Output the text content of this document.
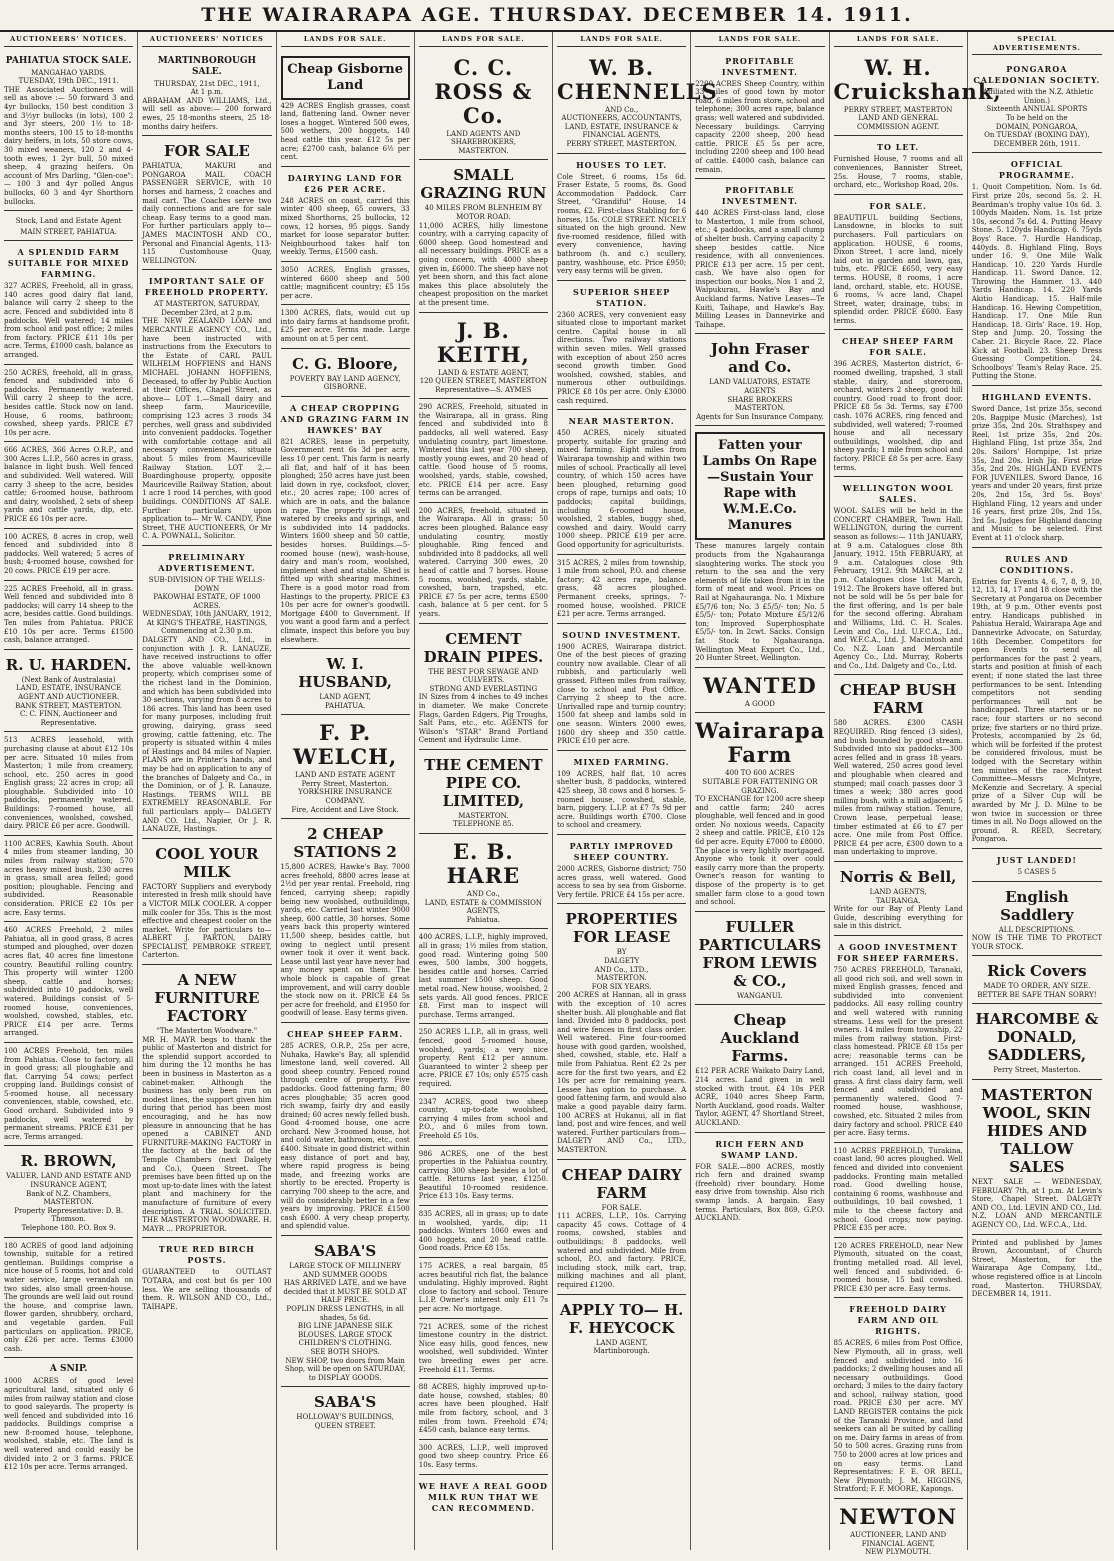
THE WAIRARAPA AGE. THURSDAY. DECEMBER 14. 1911.
AUCTIONEERS' NOTICES.
PAHIATUA STOCK SALE.
MANGAHAO YARDS.
TUESDAY, 19th DEC., 1911.
THE Associated Auctioneers will sell as above :— 50 forward 3 and 4yr bullocks, 150 best condition 3 and 3½yr bullocks (in lots), 100 2 and 3yr steers, 200 1½ to 18-months steers, 100 15 to 18-months dairy heifers, in lots, 50 store cows, 30 mixed weaners, 120 2 and 4-tooth ewes, 1 2yr bull, 50 mixed sheep, 4 grazing heifers. On account of Mrs Darling, "Glen-coe":— 100 3 and 4yr polled Angus bullocks, 60 3 and 4yr Shorthorn bullocks.
Stock, Land and Estate Agent
MAIN STREET, PAHIATUA.
A SPLENDID FARM SUITABLE FOR MIXED FARMING.
327 ACRES, Freehold, all in grass, 140 acres good dairy flat land, balance will carry 2 sheep to the acre. Fenced and subdivided into 8 paddocks. Well watered; 14 miles from school and post office; 2 miles from factory. PRICE £11 10s per acre. Terms, £1000 cash, balance as arranged.
250 ACRES, freehold, all in grass, fenced and subdivided into 6 paddocks. Permanently watered. Will carry 2 sheep to the acre, besides cattle. Stock now on land. House, 6 rooms, bathroom; cowshed, sheep yards. PRICE £7 10s per acre.
666 ACRES, 366 Acres O.R.P., and 300 Acres L.I.P., 560 acres in grass, balance in light bush. Well fenced and subdivided. Well watered. Will carry 3 sheep to the acre, besides cattle; 6-roomed house, bathroom and dairy, woolshed, 2 sets of sheep yards and cattle yards, dip, etc. PRICE £6 10s per acre.
100 ACRES, 8 acres in crop, well fenced and subdivided into 8 paddocks. Well watered; 5 acres of bush; 4-roomed house, cowshed for 20 cows. PRICE £19 per acre.
225 ACRES Freehold, all in grass. Well fenced and subdivided into 8 paddocks; will carry 14 sheep to the acre, besides cattle. Good buildings. Ten miles from Pahiatua. PRICE £10 10s per acre. Terms £1500 cash, balance arranged.
R. U. HARDEN.
(Next Bank of Australasia)
LAND, ESTATE, INSURANCE AGENT AND AUCTIONEER.
BANK STREET, MASTERTON.
C. C. FINN, Auctioneer and Representative.
513 ACRES leasehold, with purchasing clause at about £12 10s per acre. Situated 10 miles from Masterton; 1 mile from creamery, school, etc. 250 acres in good English grass; 22 acres in crop; all ploughable. Subdivided into 10 paddocks, permanently watered. Buildings: 7-roomed house, all conveniences, woolshed, cowshed, dairy. PRICE £6 per acre. Goodwill.
1100 ACRES, Kawhia South. About 4 miles from steamer landing, 30 miles from railway station; 570 acres heavy mixed bush, 230 acres in grass, small area felled; good position; ploughable. Fencing and subdivided. Reasonable consideration. PRICE £2 10s per acre. Easy terms.
460 ACRES Freehold, 2 miles Pahiatua, all in good grass, 8 acres stumped and ploughed, over dozen acres flat, 40 acres fine limestone country. Beautiful rolling country. This property will winter 1200 sheep, cattle and horses; subdivided into 10 paddocks, well watered. Buildings consist of 5-roomed house, conveniences, woolshed, cowshed, stables, etc. PRICE £14 per acre. Terms arranged.
100 ACRES Freehold, ten miles from Pahiatua. Close to factory, all in good grass; all ploughable and flat. Carrying 54 cows; perfect cropping land. Buildings consist of 5-roomed house, all necessary conveniences, stable, cowshed, etc. Good orchard. Subdivided into 9 paddocks, well watered by permanent streams. PRICE £31 per acre. Terms arranged.
R. BROWN,
VALUER, LAND AND ESTATE AND INSURANCE AGENT,
Bank of N.Z. Chambers, MASTERTON.
Property Representative: D. B. Thomson.
Telephone 180. P.O. Box 9.
180 ACRES of good land adjoining township, suitable for a retired gentleman. Buildings comprise a nice house of 5 rooms, hot and cold water service, large verandah on two sides, also small green-house. The grounds are well laid out round the house, and comprise lawn, flower garden, shrubbery, orchard, and vegetable garden. Full particulars on application. PRICE, only £26 per acre. Terms £3000 cash.
A SNIP.
1000 ACRES of good level agricultural land, situated only 6 miles from railway station and close to good saleyards. The property is well fenced and subdivided into 16 paddocks. Buildings comprise a new 8-roomed house, telephone, woolshed, stable, etc. The land is well watered and could easily be divided into 2 or 3 farms. PRICE £12 10s per acre. Terms arranged.
AUCTIONEERS' NOTICES
MARTINBOROUGH SALE.
THURSDAY, 21st DEC., 1911,
At 1 p.m.
ABRAHAM AND WILLIAMS, Ltd., will sell as above:— 200 forward ewes, 25 18-months steers, 25 18-months dairy heifers.
FOR SALE
PAHIATUA, MAKURI and PONGAROA MAIL COACH PASSENGER SERVICE, with 10 horses and harness, 2 coaches and mail cart. The Coaches serve two daily connections and are for sale cheap. Easy terms to a good man. For further particulars apply to— JAMES MACINTOSH AND CO., Personal and Financial Agents, 113-115 Customhouse Quay, WELLINGTON.
IMPORTANT SALE OF FREEHOLD PROPERTY.
AT MASTERTON, SATURDAY, December 23rd, at 2 p.m.
THE NEW ZEALAND LOAN and MERCANTILE AGENCY CO., Ltd., have been instructed with instructions from the Executors to the Estate of CARL PAUL WILHELM HOFFIENS and HANS MICHAEL JOHANN HOFFIENS, Deceased, to offer by Public Auction at their Offices, Chapel Street, as above— LOT 1.—Small dairy and sheep farm, Mauriceville, comprising 123 acres 3 roods 34 perches, well grass and subdivided into convenient paddocks. Together with comfortable cottage and all necessary conveniences, situate about 5 miles from Mauriceville Railway Station. LOT 2.—Boardinghouse property, opposite Mauriceville Railway Station, about 1 acre 1 rood 14 perches, with good buildings. CONDITIONS AT SALE. Further particulars upon application to— Mr W. CANDY, Pine Street, THE AUCTIONEERS, Or Mr C. A. POWNALL, Solicitor.
PRELIMINARY ADVERTISEMENT.
SUB-DIVISION OF THE WELLS-DOWN
PAKOWHAI ESTATE, OF 1000 ACRES.
WEDNESDAY, 10th JANUARY, 1912,
At KING'S THEATRE, HASTINGS,
Commencing at 2.30 p.m.
DALGETY AND CO., Ltd., in conjunction with J. R. LANAUZE, have received instructions to offer the above valuable well-known property, which comprises some of the richest land in the Dominion, and which has been subdivided into 30 sections, varying from 8 acres to 186 acres. This land has been used for many purposes, including fruit growing, dairying, grass seed growing, cattle fattening, etc. The property is situated within 4 miles of Hastings and 84 miles of Napier. PLANS are in Printer's hands, and may be had on application to any of the branches of Dalgety and Co., in the Dominion, or of J. R. Lanauze, Hastings. TERMS WILL BE EXTREMELY REASONABLE. For full particulars apply— DALGETY AND CO. Ltd., Napier, Or J. R. LANAUZE, Hastings.
COOL YOUR MILK
FACTORY Suppliers and everybody interested in fresh milk should have a VICTOR MILK COOLER. A copper milk cooler for 35s. This is the most effective and cheapest cooler on the market. Write for particulars to— ALBERT J. PARTON, DAIRY SPECIALIST, PEMBROKE STREET, Carterton.
A NEW FURNITURE FACTORY
"The Masterton Woodware."
MR H. MAYR begs to thank the public of Masterton and district for the splendid support accorded to him during the 12 months he has been in business in Masterton as a cabinet-maker. Although the business has only been run on modest lines, the support given him during that period has been most encouraging, and he has now pleasure in announcing that he has opened a CABINET AND FURNITURE-MAKING FACTORY in the factory at the back of the Temple Chambers (next Dalgety and Co.), Queen Street. The premises have been fitted up on the most up-to-date lines with the latest plant and machinery for the manufacture of furniture of every description. A TRIAL SOLICITED. THE MASTERTON WOODWARE. H. MAYR ... PROPRIETOR.
TRUE RED BIRCH POSTS.
GUARANTEED to OUTLAST TOTARA, and cost but 6s per 100 less. We are selling thousands of them. R. WILSON AND CO., Ltd., TAIHAPE.
LANDS FOR SALE.
Cheap Gisborne Land
429 ACRES English grasses, coast land, flattening land. Owner never loses a hogget. Wintered 500 ewes, 500 wethers, 200 hoggets, 140 head cattle this year. £12 5s per acre; £2700 cash, balance 6½ per cent.
DAIRYING LAND FOR £26 PER ACRE.
248 ACRES on coast, carried this winter 400 sheep, 65 cowers, 33 mixed Shorthorns, 25 bullocks, 12 cows, 12 horses, 95 piggs. Sandy market for loose separator butter. Neighbourhood takes half ton weekly. Terms, £1500 cash.
3050 ACRES, English grasses, wintered 6600 sheep and 500 cattle; magnificent country; £5 15s per acre.
1300 ACRES, flats, would cut up into dairy farms at handsome profit. £25 per acre. Terms made. Large amount on at 5 per cent.
C. G. Bloore,
POVERTY BAY LAND AGENCY, GISBORNE.
A CHEAP CROPPING AND GRAZING FARM IN HAWKES' BAY
821 ACRES, lease in perpetuity, Government rent 6s 3d per acre, less 10 per cent. This farm is nearly all flat, and half of it has been ploughed; 250 acres have just been laid down in rye, cocksfoot, clover, etc.; 20 acres rape; 100 acres of which are in oats, and the balance in rape. The property is all well watered by creeks and springs, and is subdivided into 14 paddocks. Winters 1600 sheep and 50 cattle, besides horses. Buildings.—5-roomed house (new), wash-house, dairy and man's room, woolshed, implement shed and stable. Shed is fitted up with shearing machines. There is a good motor road from Hastings to the property. PRICE £3 10s per acre for owner's goodwill. Mortgage £400 to Government. If you want a good farm and a perfect climate, inspect this before you buy elsewhere.
W. I. HUSBAND,
LAND AGENT,
PAHIATUA.
F. P. WELCH,
LAND AND ESTATE AGENT
Perry Street, Masterton.
YORKSHIRE INSURANCE COMPANY.
Fire, Accident and Live Stock.
2 CHEAP STATIONS 2
15,800 ACRES, Hawke's Bay. 7000 acres freehold, 8800 acres lease at 2½d per year rental. Freehold, ring fenced, carrying sheep; rapidly being new woolshed, outbuildings, yards, etc. Carried last winter 9000 sheep, 600 cattle, 30 horses. Some years back this property wintered 11,500 sheep, besides cattle, but owing to neglect until present owner took it over it went back. Lease until last year have never had any money spent on them. The whole block is capable of great improvement, and will carry double the stock now on it. PRICE £4 5s per acre for freehold, and £1950 for goodwill of lease. Easy terms given.
CHEAP SHEEP FARM.
285 ACRES, O.R.P., 25s per acre, Nuhaka, Hawke's Bay, all splendid limestone land, well covered. All good sheep country. Fenced round through centre of property. Five paddocks. Good fattening farm; 80 acres ploughable; 35 acres good rich swamp, fairly dry and easily drained; 60 acres newly felled bush. Good 4-roomed house, one acre orchard. New 3-roomed house, hot and cold water, bathroom, etc., cost £400. Situate in good district within easy distance of port and bay, where rapid progress is being made, and freezing works are shortly to be erected. Property is carrying 700 sheep to the acre, and will do considerably better in a few years by improving. PRICE £1500 cash £600. A very cheap property, and splendid value.
SABA'S
LARGE STOCK OF MILLINERY AND SUMMER GOODS
HAS ARRIVED LATE, and we have decided that it MUST BE SOLD AT
HALF PRICE.
POPLIN DRESS LENGTHS, in all shades, 5s 6d.
BIG LINE JAPANESE SILK BLOUSES. LARGE STOCK CHILDREN'S CLOTHING.
SEE BOTH SHOPS.
NEW SHOP, two doors from Main Shop, will be open on SATURDAY, to DISPLAY GOODS.
SABA'S
HOLLOWAY'S BUILDINGS,
QUEEN STREET.
LANDS FOR SALE.
C. C. ROSS & Co.
LAND AGENTS AND SHAREBROKERS,
MASTERTON.
SMALL GRAZING RUN
40 MILES FROM BLENHEIM BY MOTOR ROAD.
11,000 ACRES, hilly limestone country, with a carrying capacity of 6000 sheep. Good homestead and all necessary buildings. PRICE as a going concern, with 4000 sheep given in, £6000. The sheep have not yet been shorn, and this fact alone makes this place absolutely the cheapest proposition on the market at the present time.
J. B. KEITH,
LAND & ESTATE AGENT,
120 QUEEN STREET, MASTERTON
Representative—S. AYMES
290 ACRES, Freehold, situated in the Wairarapa, all in grass. Ring fenced and subdivided into 8 paddocks, all well watered. Easy undulating country, part limestone. Wintered this last year 700 sheep, mostly young ewes, and 20 head of cattle. Good house of 5 rooms, woolshed, yards, stable, cowshed, etc. PRICE £14 per acre. Easy terms can be arranged.
200 ACRES, freehold, situated in the Wairarapa. All in grass; 50 acres been ploughed. Balance easy undulating country, mostly ploughable. Ring fenced and subdivided into 8 paddocks, all well watered. Carrying 300 ewes, 20 head of cattle and 7 horses. House 5 rooms, woolshed, yards, stable, cowshed, barn, trapshed, etc. PRICE £7 5s per acre, terms £500 cash, balance at 5 per cent. for 5 years.
CEMENT DRAIN PIPES.
THE BEST FOR SEWAGE AND CULVERTS.
STRONG AND EVERLASTING
IN Sizes from 4 inches to 49 inches in diameter. We make Concrete Flags, Garden Edgers, Pig Troughs, Salt Pans, etc., etc. AGENTS for Wilson's "STAR" Brand Portland Cement and Hydraulic Lime.
THE CEMENT PIPE CO. LIMITED,
MASTERTON.
TELEPHONE 85.
E. B. HARE
AND Co.,
LAND, ESTATE & COMMISSION AGENTS,
Pahiatua.
400 ACRES, L.I.P., highly improved, all in grass; 1½ miles from station, good road. Wintering going 500 ewes, 500 lambs, 300 hoggets, besides cattle and horses. Carried last summer 1500 sheep. Good metal road. New house, woolshed, 2 sets yards. All good fences. PRICE £8. First man to inspect will purchase. Terms arranged.
250 ACRES L.I.P., all in grass, well fenced, good 5-roomed house, woolshed, yards; a very nice property. Rent £12 per annum. Guaranteed to winter 2 sheep per acre. PRICE £7 10s; only £575 cash required.
2347 ACRES, good two sheep country, up-to-date woolshed, carrying 4 miles from school and P.O., and 6 miles from town. Freehold £5 10s.
986 ACRES, one of the best properties in the Pahiatua country, carrying 300 sheep besides a lot of cattle. Returns last year, £1250. Beautiful 10-roomed residence. Price £13 10s. Easy terms.
835 ACRES, all in grass; up to date in woolshed, yards, dip; 11 paddocks. Winters 1060 ewes and 400 hoggets, and 20 head cattle. Good roads. Price £8 15s.
175 ACRES, a real bargain, 85 acres beautiful rich flat, the balance undulating. Highly improved. Right close to factory and school. Tenure L.I.P. Owner's interest only £11 7s per acre. No mortgage.
721 ACRES, some of the richest limestone country in the district. Nice easy hills, good fences, new woolshed, well subdivided. Winter two breeding ewes per acre. Freehold £11. Terms.
88 ACRES, highly improved up-to-date house, cowshed, stables; 80 acres have been ploughed. Half mile from factory, school, and 3 miles from town. Freehold £74; £450 cash, balance easy terms.
300 ACRES, L.I.P., well improved good two sheep country. Price £6 10s. Easy terms.
WE HAVE A REAL GOOD MILK RUN THAT WE CAN RECOMMEND.
LANDS FOR SALE.
W. B. CHENNELLS
AND Co.,
AUCTIONEERS, ACCOUNTANTS, LAND, ESTATE, INSURANCE & FINANCIAL AGENTS,
PERRY STREET, MASTERTON.
HOUSES TO LET.
Cole Street, 6 rooms, 15s 6d. Fraser Estate, 5 rooms, 8s. Good Accommodation Paddock. Carr Street, "Grandiful" House, 14 rooms, £2. First-class Stabling for 6 horses, 15s. COLE STREET. NICELY situated on the high ground. New five-roomed residence, filled with every convenience, having bathroom (h. and c.) scullery, pantry, washhouse, etc. Price £950; very easy terms will be given.
SUPERIOR SHEEP STATION.
2360 ACRES, very convenient easy situated close to important market centre. Capital house in all directions. Two railway stations within seven miles. Well grassed with exception of about 250 acres second growth timber. Good woolshed, cowshed, stables, and numerous other outbuildings. PRICE £8 10s per acre. Only £3000 cash required.
NEAR MASTERTON.
450 ACRES, nicely situated property, suitable for grazing and mixed farming. Eight miles from Wairarapa township and within two miles of school. Practically all level country, of which 150 acres have been ploughed, returning good crops of rape, turnips and oats; 10 paddocks; capital buildings, including 6-roomed house, woolshed, 2 stables, buggy shed, cowshed and dairy. Would carry 1000 sheep. PRICE £19 per acre. Good opportunity for agriculturists.
315 ACRES, 2 miles from township, 1 mile from school, P.O. and cheese factory; 42 acres rape, balance grass, 48 acres ploughed. Permanent creeks, springs, 7-roomed house, woolshed. PRICE £21 per acre. Terms arranged.
SOUND INVESTMENT.
1900 ACRES, Wairarapa district. One of the best pieces of grazing country now available. Clear of all rubbish, and particularly well grassed. Fifteen miles from railway, close to school and Post Office. Carrying 2 sheep to the acre. Unrivalled rape and turnip country; 1500 fat sheep and lambs sold in one season. Winters 2000 ewes, 1600 dry sheep and 350 cattle. PRICE £10 per acre.
MIXED FARMING.
109 ACRES, half flat, 10 acres shelter bush, 8 paddocks, wintered 425 sheep, 38 cows and 8 horses. 5-roomed house, cowshed, stable, barn, piggery. L.I.P. at £7 7s 9d per acre. Buildings worth £700. Close to school and creamery.
PARTLY IMPROVED SHEEP COUNTRY.
2000 ACRES, Gisborne district; 750 acres grass, well watered. Good access to sea by sea from Gisborne. Very fertile. PRICE £4 15s per acre.
PROPERTIES FOR LEASE
BY
DALGETY
AND Co., LTD.,
MASTERTON.
FOR SIX YEARS.
200 ACRES at Hannan, all in grass with the exception of 10 acres shelter bush. All ploughable and flat land. Divided into 8 paddocks, post and wire fences in first class order. Well watered. Fine four-roomed house with good garden, woolshed, shed, cowshed, stable, etc. Half a mile from Pahiatua. Rent £2 2s per acre for the first two years, and £2 10s per acre for remaining years. Lessee has option to purchase. A good fattening farm, and would also make a good payable dairy farm. 100 ACRES at Hukanui, all in flat land, post and wire fences, and well watered. Further particulars from— DALGETY AND Co., LTD., MASTERTON.
CHEAP DAIRY FARM
FOR SALE.
111 ACRES, L.I.P., 10s. Carrying capacity 45 cows. Cottage of 4 rooms, cowshed, stables and outbuildings; 8 paddocks, well watered and subdivided. Mile from school, P.O. and factory. PRICE, including stock, milk cart, trap, milking machines and all plant, required £1200.
APPLY TO— H. F. HEYCOCK
LAND AGENT,
Martinborough.
LANDS FOR SALE.
PROFITABLE INVESTMENT.
2200 ACRES Sheep Country, within 33 miles of good town by motor road, 6 miles from store, school and telephone; 300 acres rape, balance grass; well watered and subdivided. Necessary buildings. Carrying capacity 2200 sheep, 200 head cattle. PRICE £5 5s per acre, including 2200 sheep and 100 head of cattle. £4000 cash, balance can remain.
PROFITABLE INVESTMENT.
440 ACRES First-class land, close to Masterton, 1 mile from school, etc.; 4 paddocks, and a small clump of shelter bush. Carrying capacity 2 sheep besides cattle. Nice residence, with all conveniences. PRICE £13 per acre. 15 per cent. cash. We have also open for inspection our books, Nos 1 and 2, Waipukurau, Hawke's Bay and Auckland farms. Native Leases—Te Kuiti, Taihape, and Hawke's Bay. Milling Leases in Dannevirke and Taihape.
John Fraser and Co.
LAND VALUATORS, ESTATE AGENTS
SHARE BROKERS
MASTERTON.
Agents for Sun Insurance Company.
Fatten your Lambs On Rape—Sustain Your Rape with W.M.E.Co. Manures
These manures largely contain products from the Ngahauranga slaughtering works. The stock you return to the sea and the very elements of life taken from it in the form of meat and wool. Prices on Rail at Ngahauranga. No. 1 Mixture £5/7/6 ton; No. 3 £5/5/- ton; No. 5 £5/5/- ton; Potato Mixture £5/12/6 ton; Improved Superphosphate £5/5/- ton. In 2cwt. Sacks. Consign fat Stock to Ngahauranga. Wellington Meat Export Co., Ltd., 20 Hunter Street, Wellington.
WANTED
A GOOD
Wairarapa Farm
400 TO 600 ACRES
SUITABLE FOR FATTENING OR GRAZING.
TO EXCHANGE for 1200 acre sheep and cattle farm; 240 acres ploughable, well fenced and in good order. No noxious weeds. Capacity 2 sheep and cattle. PRICE, £10 12s 6d per acre. Equity £7000 to £8000. The place is very lightly mortgaged. Anyone who took it over could easily carry more than the property. Owner's reason for wanting to dispose of the property is to get smaller farm close to a good town and school.
FULLER PARTICULARS FROM LEWIS & CO.,
WANGANUI.
Cheap Auckland Farms.
£12 PER ACRE Waikato Dairy Land, 214 acres. Land given in well stocked with trout. £4 10s PER ACRE, 1040 acres Sheep Farm, North Auckland, good roads. Walter Taylor, AGENT, 47 Shortland Street, AUCKLAND.
RICH FERN AND SWAMP LAND.
FOR SALE.—800 ACRES, mostly rich fern and drained swamp (freehold) river boundary. Home easy drive from township. Also rich swamp lands. A bargain. Easy terms. Particulars, Box 869, G.P.O. AUCKLAND.
LANDS FOR SALE.
W. H. Cruickshank,
PERRY STREET, MASTERTON
LAND AND GENERAL COMMISSION AGENT.
TO LET.
Furnished House, 7 rooms and all conveniences, Bannister Street, 25s. House, 7 rooms, stable, orchard, etc., Workshop Road, 20s.
FOR SALE.
BEAUTIFUL building Sections, Lansdowne, in blocks to suit purchasers. Full particulars on application. HOUSE, 6 rooms, Dixon Street, 1 acre land, nicely laid out in garden and lawn, gas, tubs, etc. PRICE £650, very easy terms. HOUSE, 8 rooms, 1 acre land, orchard, stable, etc. HOUSE, 6 rooms, ¼ acre land, Chapel Street, water, drainage, tubs; in splendid order. PRICE £600. Easy terms.
CHEAP SHEEP FARM FOR SALE.
396 ACRES, Masterton district, 6-roomed dwelling, trapshed, 3 stall stable, dairy, and storeroom, orchard, winters 2 sheep, good hill country. Good road to front door. PRICE £8 5s 3d. Terms, say £700 cash. 1076 ACRES, ring fenced and subdivided, well watered; 7-roomed house and all necessary outbuildings, woolshed, dip and sheep yards; 1 mile from school and factory. PRICE £8 5s per acre. Easy terms.
WELLINGTON WOOL SALES.
WOOL SALES will be held in the CONCERT CHAMBER, Town Hall, WELLINGTON, during the current season as follows:— 11th JANUARY, at 9 a.m. Catalogues close 8th January, 1912. 15th FEBRUARY, at 9 a.m. Catalogues close 9th February, 1912. 9th MARCH, at 2 p.m. Catalogues close 1st March, 1912. The Brokers have offered but not be sold will be 5s per bale for the first offering, and 1s per bale for the second offering. Abraham and Williams, Ltd. C. H. Scales. Levin and Co., Ltd. U.F.C.A., Ltd., and W.F.C.A., Ltd. J. Macintosh and Co. N.Z. Loan and Mercantile Agency Co., Ltd. Murray, Roberts and Co., Ltd. Dalgety and Co., Ltd.
CHEAP BUSH FARM
580 ACRES. £300 CASH REQUIRED. Ring fenced (3 sides), and bush bounded by good stream. Subdivided into six paddocks—300 acres felled and in grass 18 years. Well watered, 250 acres good level and ploughable when cleared and stumped; mail coach passes door 3 times a week; 380 acres good milling bush, with a mill adjacent; 5 miles from railway station. Tenure, Crown lease, perpetual lease; timber estimated at £6 to £7 per acre. One mile from Post Office. PRICE £4 per acre, £300 down to a man undertaking to improve.
Norris & Bell,
LAND AGENTS,
TAURANGA.
Write for our Bay of Plenty Land Guide, describing everything for sale in this district.
A GOOD INVESTMENT FOR SHEEP FARMERS.
750 ACRES FREEHOLD, Taranaki, all good rich soil, and well sown in mixed English grasses, fenced and subdivided into convenient paddocks. All easy rolling country and well watered with running streams. Less well for the present owners. 14 miles from township, 22 miles from railway station. First-class homestead. PRICE £8 15s per acre; reasonable terms can be arranged. 151 ACRES Freehold, rich coast land, all level and in grass. A first class dairy farm, well fenced and subdivided and permanently watered. Good 7-roomed house, washhouse, cowshed, etc. Situated 2 miles from dairy factory and school. PRICE £40 per acre. Easy terms.
110 ACRES FREEHOLD, Turakina, coast land, 90 acres ploughed. Well fenced and divided into convenient paddocks. Fronting main metalled road. Good dwelling house, containing 6 rooms, washhouse and outbuildings, 10 bail cowshed, 1 mile to the cheese factory and school. Good crops; now paying. PRICE £35 per acre.
120 ACRES FREEHOLD, near New Plymouth, situated on the coast, fronting metalled road. All level, well fenced and subdivided. 6-roomed house, 15 bail cowshed. PRICE £30 per acre. Easy terms.
FREEHOLD DAIRY FARM AND OIL RIGHTS.
85 ACRES, 6 miles from Post Office, New Plymouth, all in grass, well fenced and subdivided into 16 paddocks; 2 dwelling houses and all necessary outbuildings. Good orchard; 3 miles to the dairy factory and school, railway station, good road. PRICE £30 per acre. MY LAND REGISTER contains the pick of the Taranaki Province, and land seekers can all be suited by calling on me. Dairy farms in areas of from 50 to 500 acres. Grazing runs from 750 to 2000 acres at low prices and on easy terms. Land Representatives: F. E. OR BELL, New Plymouth; J. M. HIGGINS, Stratford; F. F. MOORE, Kapongs.
NEWTON
AUCTIONEER, LAND AND FINANCIAL AGENT,
NEW PLYMOUTH.
SPECIAL ADVERTISEMENTS.
PONGAROA CALEDONIAN SOCIETY.
(Affiliated with the N.Z. Athletic Union.)
Sixteenth ANNUAL SPORTS
To be held on the
DOMAIN, PONGAROA,
On TUESDAY (BOXING DAY), DECEMBER 26th, 1911.
OFFICIAL PROGRAMME.
1. Quoit Competition. Nom. 1s 6d. First prize 20s, second 5s. 2. H. Beardman's trophy value 10s 6d. 3. 100yds Maiden. Nom. 1s. 1st prize 10s, second 7s 6d. 4. Putting Heavy Stone. 5. 120yds Handicap. 6. 75yds Boys' Race. 7. Hurdle Handicap, 440yds. 8. Highland Fling, Boys under 16. 9. One Mile Walk Handicap. 10. 220 Yards Hurdle Handicap. 11. Sword Dance. 12. Throwing the Hammer. 13. 440 Yards Handicap. 14. 220 Yards Akitio Handicap. 15. Half-mile Handicap. 16. Hewing Competition, Handicap. 17. One Mile Run Handicap. 18. Girls' Race. 19. Hop, Step and Jump. 20. Tossing the Caber. 21. Bicycle Race. 22. Place Kick at Football. 23. Sheep Dress Guessing Competition. 24. Schoolboys' Team's Relay Race. 25. Putting the Stone.
HIGHLAND EVENTS.
Sword Dance, 1st prize 35s, second 20s. Bagpipe Music (Marches), 1st prize 35s, 2nd 20s. Strathspey and Reel, 1st prize 35s, 2nd 20s. Highland Fling, 1st prize 35s, 2nd 20s. Sailors' Hornpipe, 1st prize 35s, 2nd 20s. Irish Jig. First prize 35s, 2nd 20s. HIGHLAND EVENTS FOR JUVENILES. Sword Dance, 16 years and under 20 years, first prize 20s, 2nd 15s, 3rd 5s. Boys' Highland Fling, 12 years and under 16 years, first prize 20s, 2nd 15s, 3rd 5s. Judges for Highland dancing and Music to be selected. First Event at 11 o'clock sharp.
RULES AND CONDITIONS.
Entries for Events 4, 6, 7, 8, 9, 10, 12, 13, 14, 17 and 18 close with the Secretary at Pongaroa on December 19th, at 9 p.m. Other events post entry. Handicaps published in Pahiatua Herald, Wairarapa Age and Dannevirke Advocate, on Saturday, 16th December. Competitors for open Events to send all performances for the past 2 years, starts and position at finish of each event; if none stated the last three performances to be sent. Intending competitors not sending performances will not be handicapped. Three starters or no race; four starters or no second prize; five starters or no third prize. Protests, accompanied by 2s 6d, which will be forfeited if the protest be considered frivolous, must be lodged with the Secretary within ten minutes of the race. Protest Committee—Messrs McIntyre, McKenzie and Secretary. A special prize of a Silver Cup will be awarded by Mr J. D. Milne to be won twice in succession or three times in all. No Dogs allowed on the ground. R. REED, Secretary, Pongaroa.
JUST LANDED!
5 CASES 5
English Saddlery
ALL DESCRIPTIONS.
NOW IS THE TIME TO PROTECT YOUR STOCK.
Rick Covers
MADE TO ORDER, ANY SIZE.
BETTER BE SAFE THAN SORRY!
HARCOMBE & DONALD, SADDLERS,
Perry Street, Masterton.
MASTERTON WOOL, SKIN HIDES AND TALLOW SALES
NEXT SALE — WEDNESDAY, FEBRUARY 7th, at 1 p.m. At Levin's Store, Chapel Street. DALGETY AND CO., Ltd. LEVIN AND CO., Ltd. N.Z. LOAN AND MERCANTILE AGENCY CO., Ltd. W.F.C.A., Ltd.
Printed and published by James Brown, Accountant, of Church Street, Masterton, for the Wairarapa Age Company, Ltd., whose registered office is at Lincoln road, Masterton. THURSDAY, DECEMBER 14, 1911.
